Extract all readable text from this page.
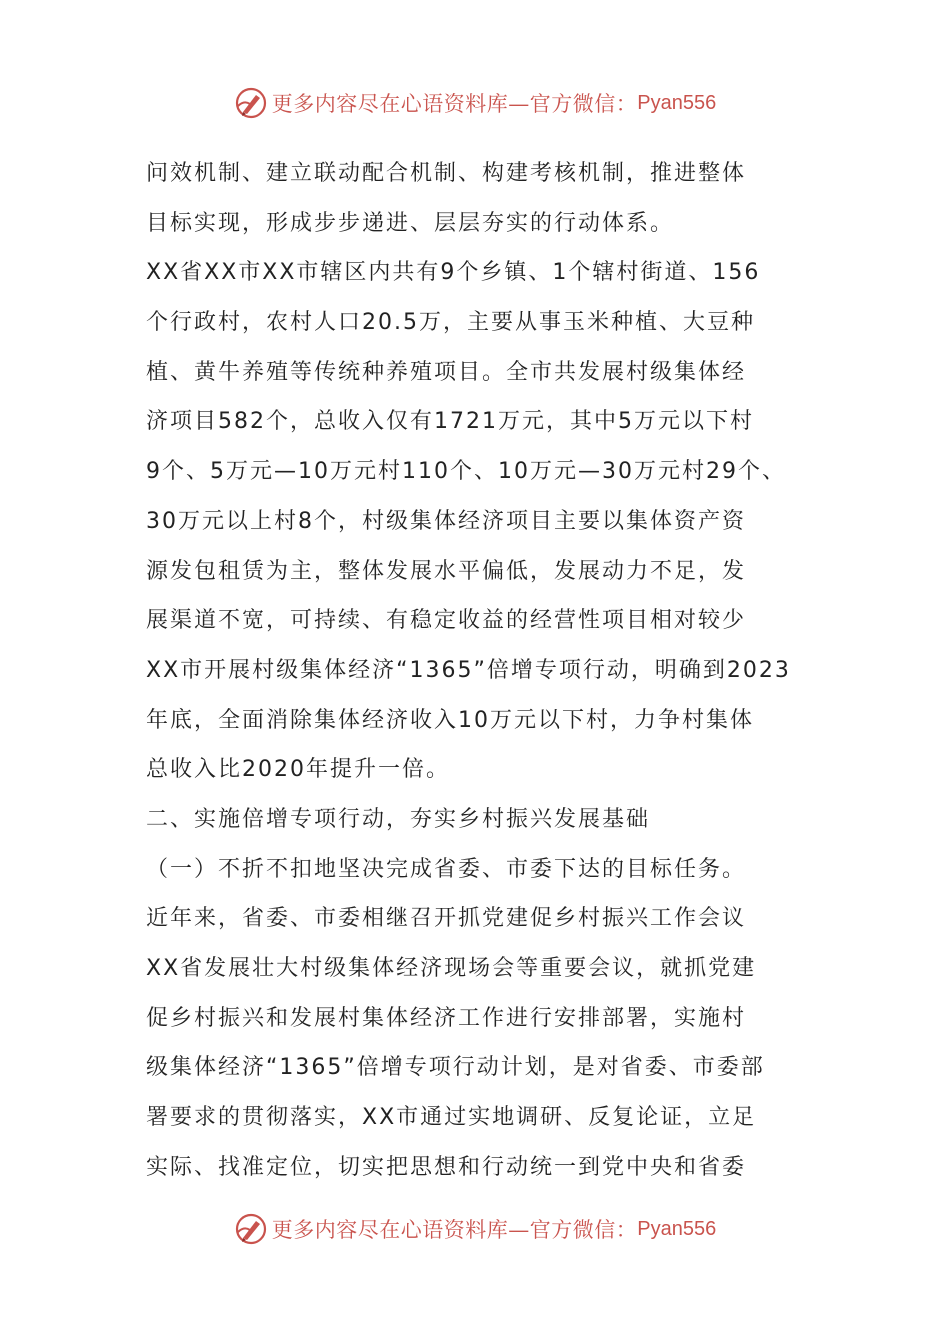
更多内容尽在心语资料库—官方微信： Pyan556
问效机制、建立联动配合机制、构建考核机制，推进整体
目标实现，形成步步递进、层层夯实的行动体系。
XX省XX市XX市辖区内共有9个乡镇、1个辖村街道、156
个行政村，农村人口20.5万，主要从事玉米种植、大豆种
植、黄牛养殖等传统种养殖项目。全市共发展村级集体经
济项目582个，总收入仅有1721万元，其中5万元以下村
9个、5万元—10万元村110个、10万元—30万元村29个、
30万元以上村8个，村级集体经济项目主要以集体资产资
源发包租赁为主，整体发展水平偏低，发展动力不足，发
展渠道不宽，可持续、有稳定收益的经营性项目相对较少
XX市开展村级集体经济“1365”倍增专项行动，明确到2023
年底，全面消除集体经济收入10万元以下村，力争村集体
总收入比2020年提升一倍。
二、实施倍增专项行动，夯实乡村振兴发展基础
（一）不折不扣地坚决完成省委、市委下达的目标任务。
近年来，省委、市委相继召开抓党建促乡村振兴工作会议
XX省发展壮大村级集体经济现场会等重要会议，就抓党建
促乡村振兴和发展村集体经济工作进行安排部署，实施村
级集体经济“1365”倍增专项行动计划，是对省委、市委部
署要求的贯彻落实，XX市通过实地调研、反复论证，立足
实际、找准定位，切实把思想和行动统一到党中央和省委
更多内容尽在心语资料库—官方微信： Pyan556
